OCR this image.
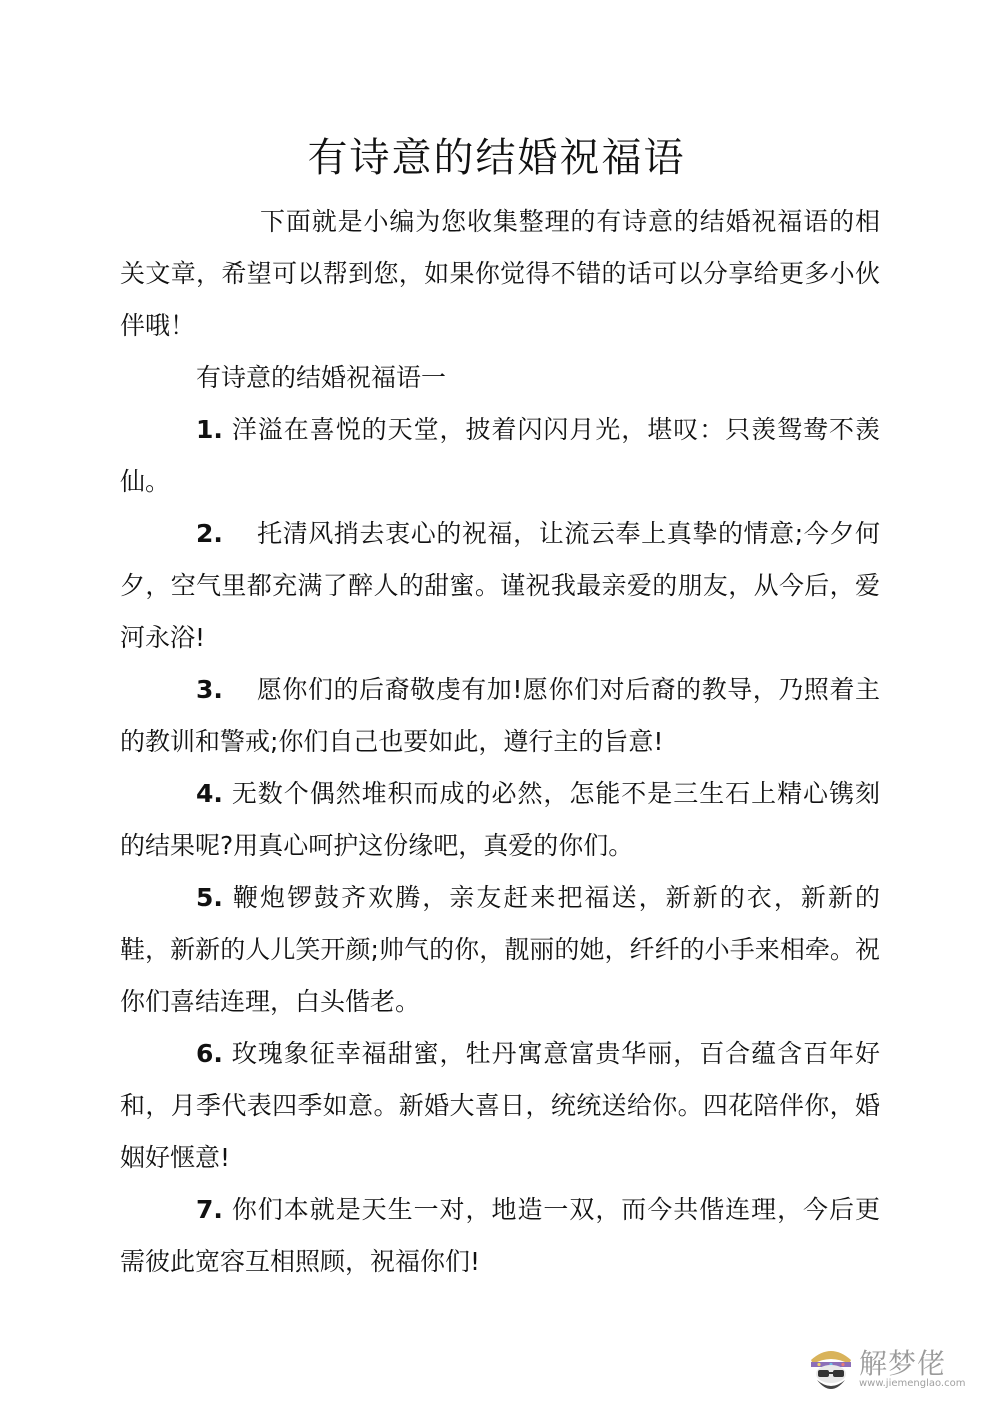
有诗意的结婚祝福语

下面就是小编为您收集整理的有诗意的结婚祝福语的相关文章，希望可以帮到您，如果你觉得不错的话可以分享给更多小伙伴哦！

有诗意的结婚祝福语一

1. 洋溢在喜悦的天堂，披着闪闪月光，堪叹：只羡鸳鸯不羡仙。

2. 托清风捎去衷心的祝福，让流云奉上真挚的情意;今夕何夕，空气里都充满了醉人的甜蜜。谨祝我最亲爱的朋友，从今后，爱河永浴!

3. 愿你们的后裔敬虔有加!愿你们对后裔的教导，乃照着主的教训和警戒;你们自己也要如此，遵行主的旨意!

4. 无数个偶然堆积而成的必然，怎能不是三生石上精心镌刻的结果呢?用真心呵护这份缘吧，真爱的你们。

5. 鞭炮锣鼓齐欢腾，亲友赶来把福送，新新的衣，新新的鞋，新新的人儿笑开颜;帅气的你，靓丽的她，纤纤的小手来相牵。祝你们喜结连理，白头偕老。

6. 玫瑰象征幸福甜蜜，牡丹寓意富贵华丽，百合蕴含百年好和，月季代表四季如意。新婚大喜日，统统送给你。四花陪伴你，婚姻好惬意!

7. 你们本就是天生一对，地造一双，而今共偕连理，今后更需彼此宽容互相照顾，祝福你们!

解梦佬
www.jiemenglao.com
